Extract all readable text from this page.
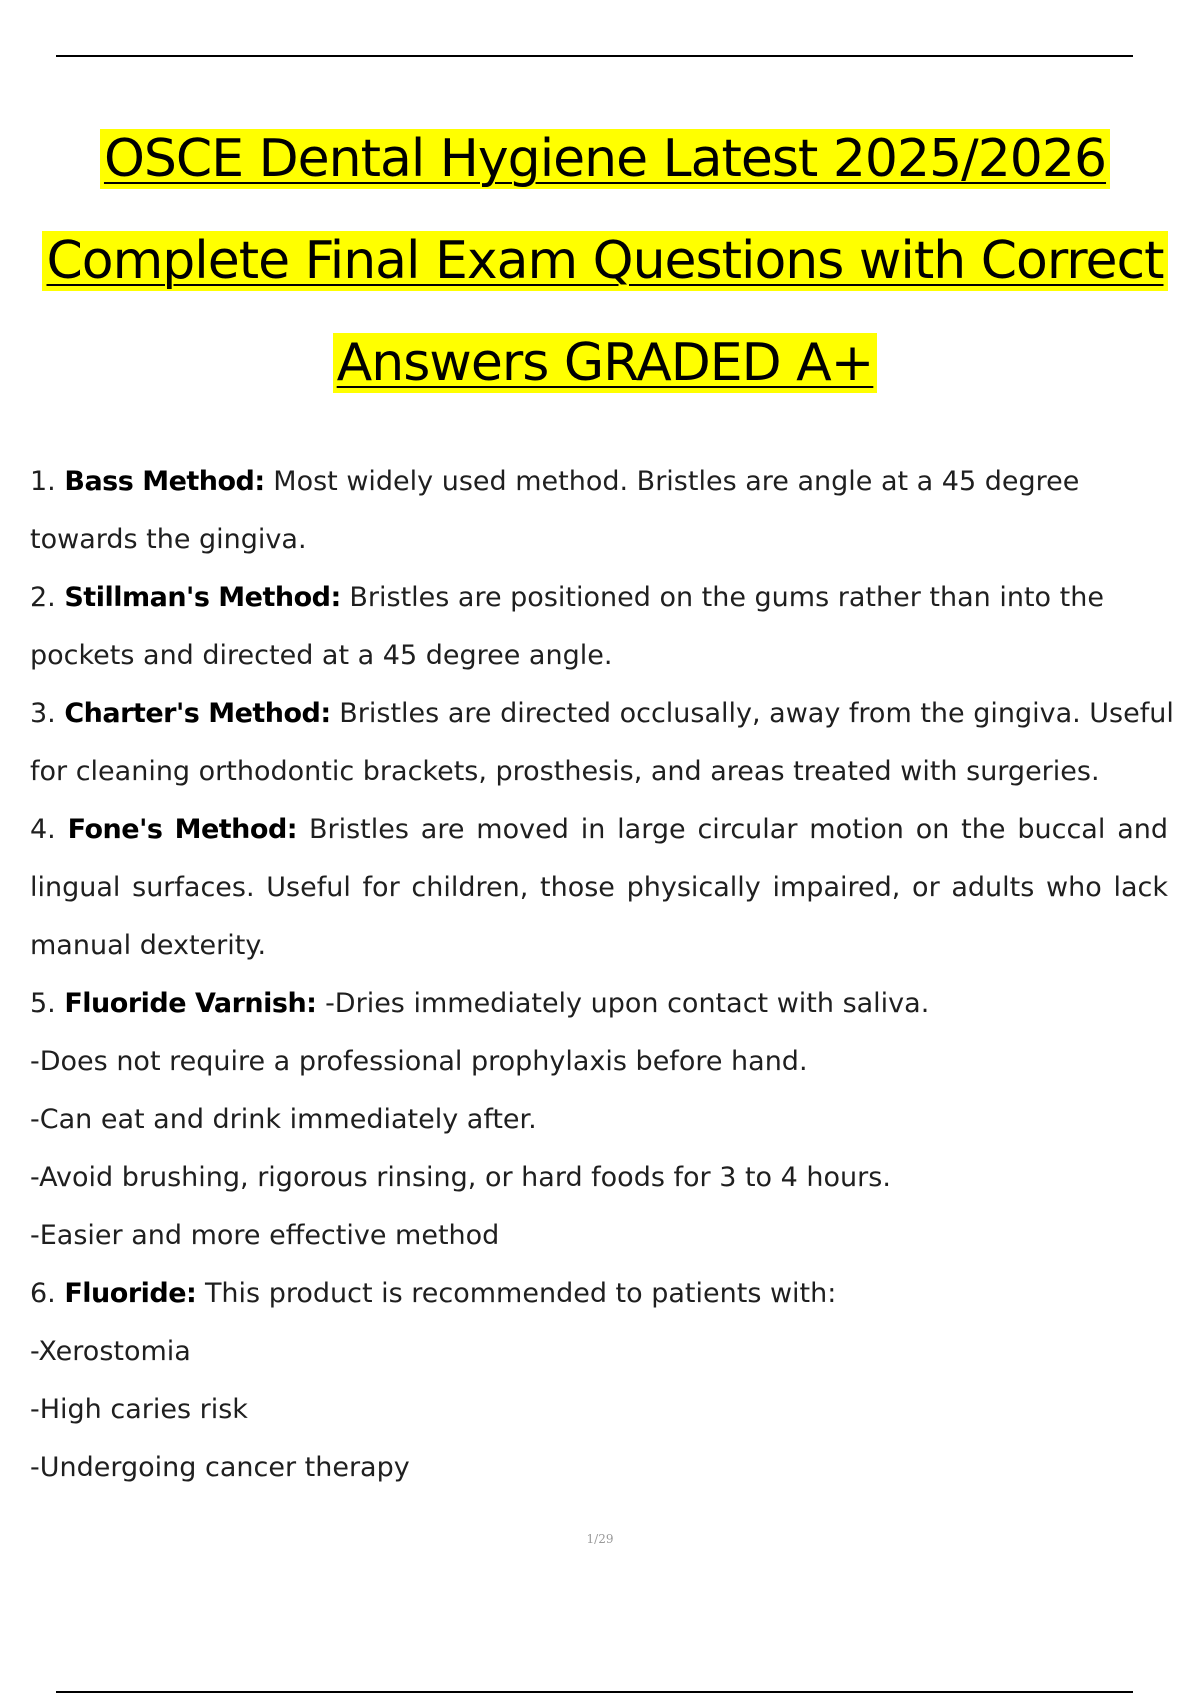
OSCE Dental Hygiene Latest 2025/2026
Complete Final Exam Questions with Correct
Answers GRADED A+
1. Bass Method: Most widely used method. Bristles are angle at a 45 degree
towards the gingiva.
2. Stillman's Method: Bristles are positioned on the gums rather than into the
pockets and directed at a 45 degree angle.
3. Charter's Method: Bristles are directed occlusally, away from the gingiva. Useful
for cleaning orthodontic brackets, prosthesis, and areas treated with surgeries.
4. Fone's Method: Bristles are moved in large circular motion on the buccal and
lingual surfaces. Useful for children, those physically impaired, or adults who lack
manual dexterity.
5. Fluoride Varnish: -Dries immediately upon contact with saliva.
-Does not require a professional prophylaxis before hand.
-Can eat and drink immediately after.
-Avoid brushing, rigorous rinsing, or hard foods for 3 to 4 hours.
-Easier and more effective method
6. Fluoride: This product is recommended to patients with:
-Xerostomia
-High caries risk
-Undergoing cancer therapy
1/29
